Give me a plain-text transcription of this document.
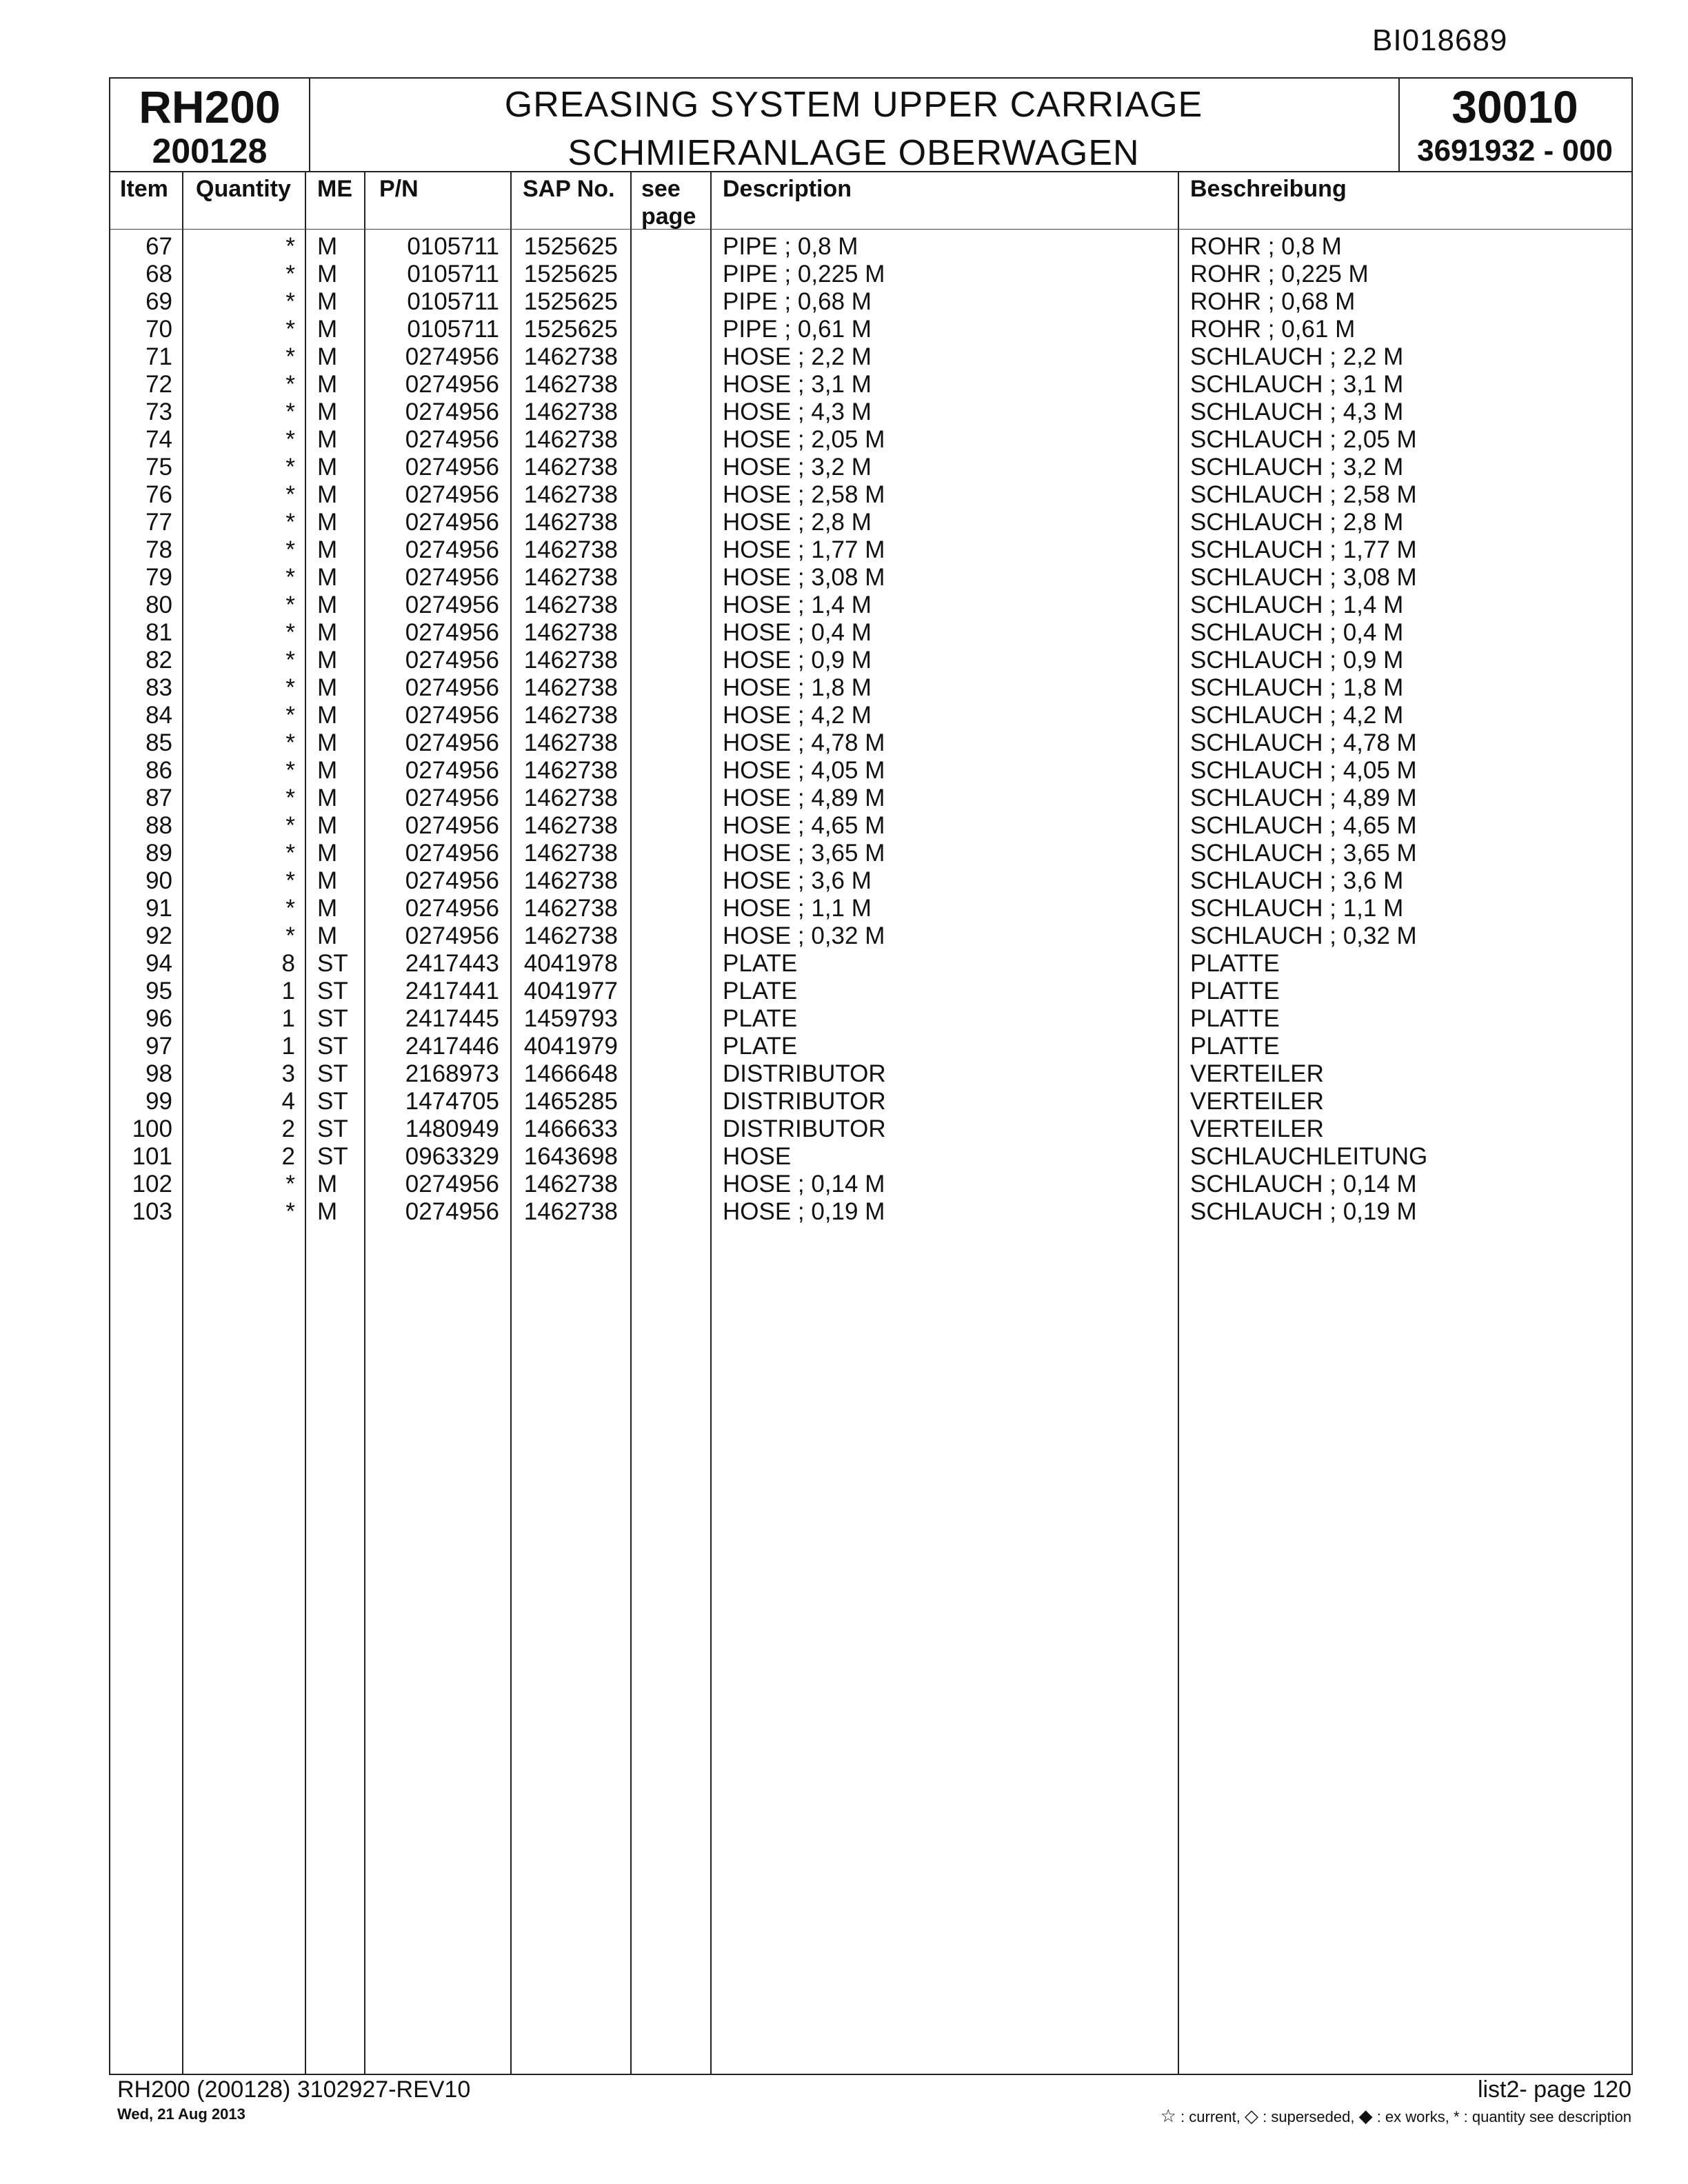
BI018689
RH200
200128
GREASING SYSTEM UPPER CARRIAGE
SCHMIERANLAGE OBERWAGEN
30010
3691932 - 000
Item Quantity ME P/N	SAP No. see
page
Description	Beschreibung
67	* M	0105711 1525625	PIPE ; 0,8 M	ROHR ; 0,8 M
68	* M	0105711 1525625	PIPE ; 0,225 M	ROHR ; 0,225 M
69	* M	0105711 1525625	PIPE ; 0,68 M	ROHR ; 0,68 M
70	* M	0105711 1525625	PIPE ; 0,61 M	ROHR ; 0,61 M
71	* M	0274956 1462738	HOSE ; 2,2 M	SCHLAUCH ; 2,2 M
72	* M	0274956 1462738	HOSE ; 3,1 M	SCHLAUCH ; 3,1 M
73	* M	0274956 1462738	HOSE ; 4,3 M	SCHLAUCH ; 4,3 M
74	* M	0274956 1462738	HOSE ; 2,05 M	SCHLAUCH ; 2,05 M
75	* M	0274956 1462738	HOSE ; 3,2 M	SCHLAUCH ; 3,2 M
76	* M	0274956 1462738	HOSE ; 2,58 M	SCHLAUCH ; 2,58 M
77	* M	0274956 1462738	HOSE ; 2,8 M	SCHLAUCH ; 2,8 M
78	* M	0274956 1462738	HOSE ; 1,77 M	SCHLAUCH ; 1,77 M
79	* M	0274956 1462738	HOSE ; 3,08 M	SCHLAUCH ; 3,08 M
80	* M	0274956 1462738	HOSE ; 1,4 M	SCHLAUCH ; 1,4 M
81	* M	0274956 1462738	HOSE ; 0,4 M	SCHLAUCH ; 0,4 M
82	* M	0274956 1462738	HOSE ; 0,9 M	SCHLAUCH ; 0,9 M
83	* M	0274956 1462738	HOSE ; 1,8 M	SCHLAUCH ; 1,8 M
84	* M	0274956 1462738	HOSE ; 4,2 M	SCHLAUCH ; 4,2 M
85	* M	0274956 1462738	HOSE ; 4,78 M	SCHLAUCH ; 4,78 M
86	* M	0274956 1462738	HOSE ; 4,05 M	SCHLAUCH ; 4,05 M
87	* M	0274956 1462738	HOSE ; 4,89 M	SCHLAUCH ; 4,89 M
88	* M	0274956 1462738	HOSE ; 4,65 M	SCHLAUCH ; 4,65 M
89	* M	0274956 1462738	HOSE ; 3,65 M	SCHLAUCH ; 3,65 M
90	* M	0274956 1462738	HOSE ; 3,6 M	SCHLAUCH ; 3,6 M
91	* M	0274956 1462738	HOSE ; 1,1 M	SCHLAUCH ; 1,1 M
92	* M	0274956 1462738	HOSE ; 0,32 M	SCHLAUCH ; 0,32 M
94	8 ST 2417443 4041978	PLATE	PLATTE
95	1 ST 2417441 4041977	PLATE	PLATTE
96	1 ST 2417445 1459793	PLATE	PLATTE
97	1 ST 2417446 4041979	PLATE	PLATTE
98	3 ST 2168973 1466648	DISTRIBUTOR	VERTEILER
99	4 ST 1474705 1465285	DISTRIBUTOR	VERTEILER
100	2 ST 1480949 1466633	DISTRIBUTOR	VERTEILER
101	2 ST 0963329 1643698	HOSE	SCHLAUCHLEITUNG
102	* M	0274956 1462738	HOSE ; 0,14 M	SCHLAUCH ; 0,14 M
103	* M	0274956 1462738	HOSE ; 0,19 M	SCHLAUCH ; 0,19 M
RH200 (200128) 3102927-REV10
Wed, 21 Aug 2013
list2- page 120
☆ : current, ◇ : superseded, ◆ : ex works, * : quantity see description
